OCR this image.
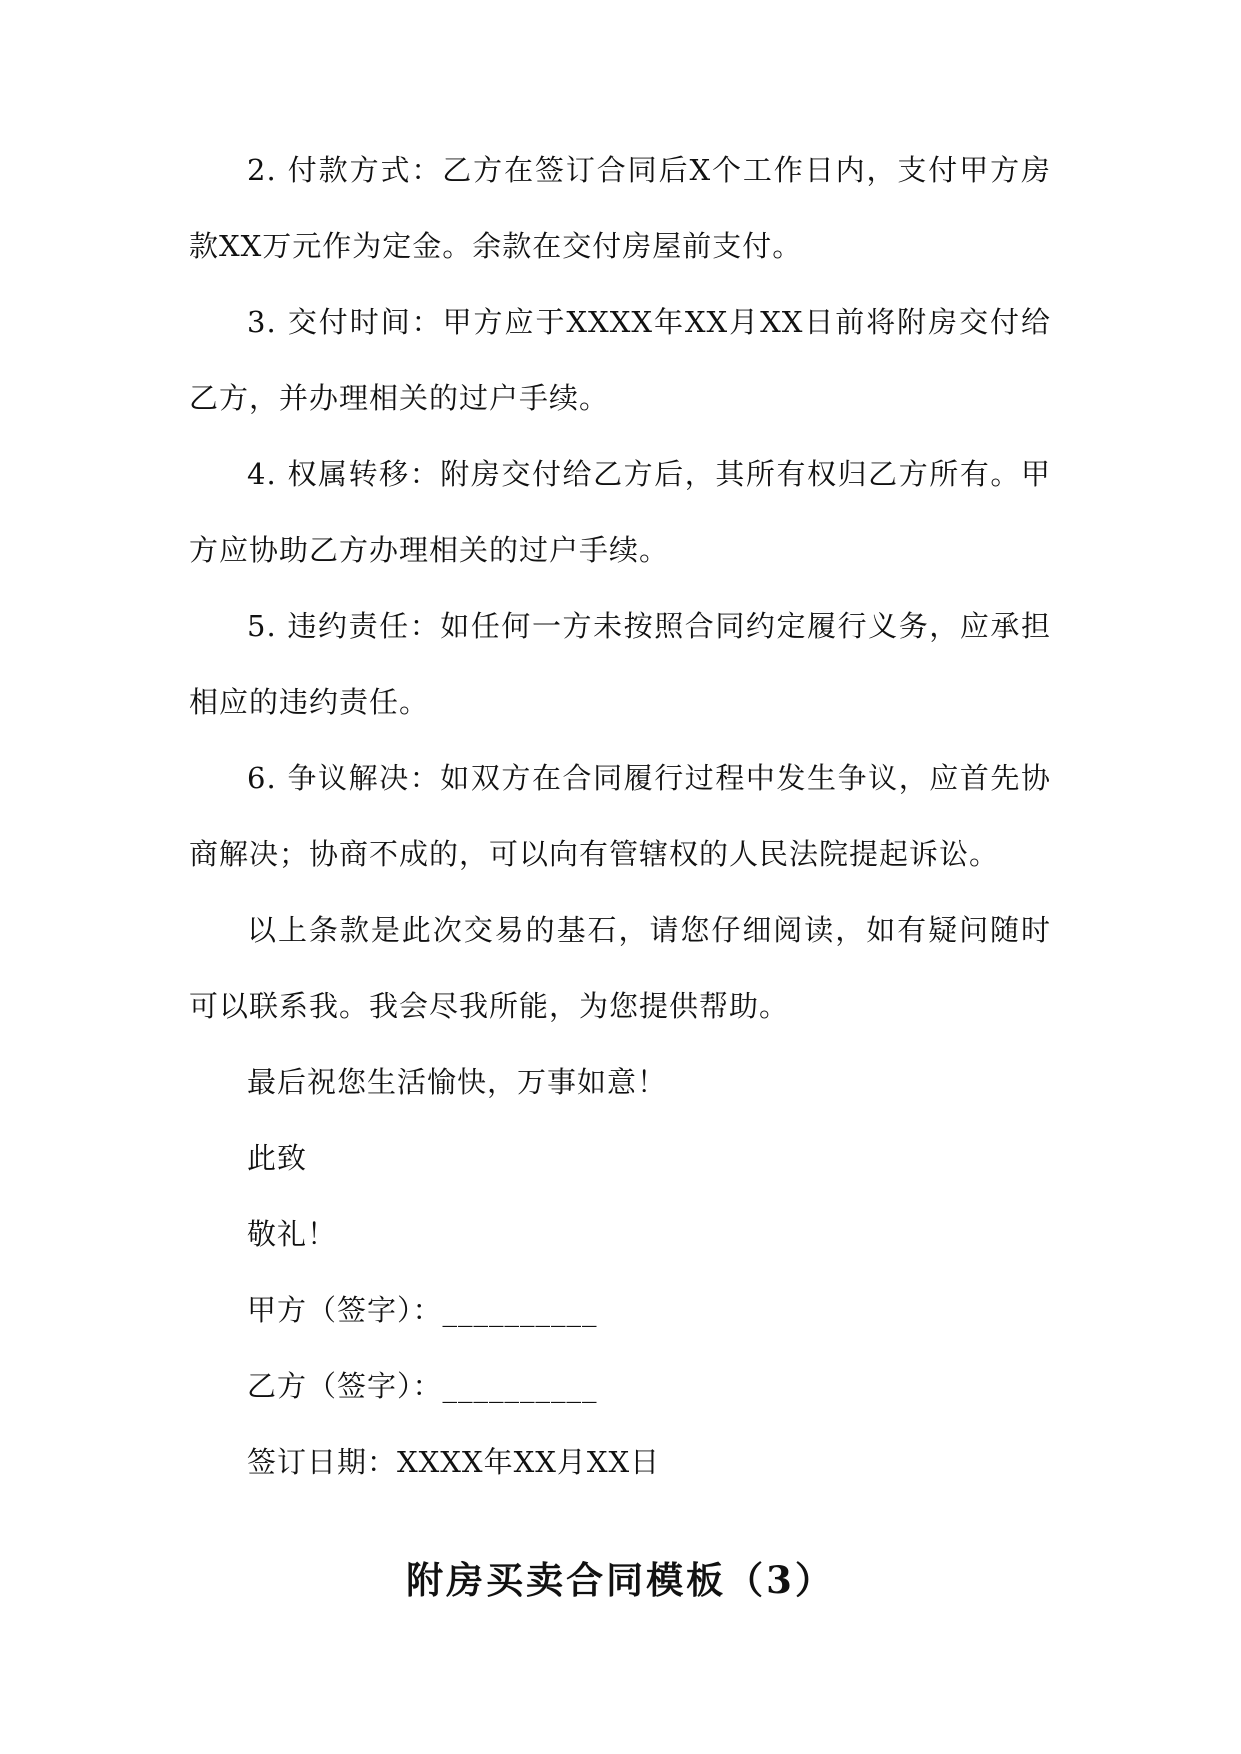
2. 付款方式：乙方在签订合同后X个工作日内，支付甲方房款XX万元作为定金。余款在交付房屋前支付。

3. 交付时间：甲方应于XXXX年XX月XX日前将附房交付给乙方，并办理相关的过户手续。

4. 权属转移：附房交付给乙方后，其所有权归乙方所有。甲方应协助乙方办理相关的过户手续。

5. 违约责任：如任何一方未按照合同约定履行义务，应承担相应的违约责任。

6. 争议解决：如双方在合同履行过程中发生争议，应首先协商解决；协商不成的，可以向有管辖权的人民法院提起诉讼。

以上条款是此次交易的基石，请您仔细阅读，如有疑问随时可以联系我。我会尽我所能，为您提供帮助。

最后祝您生活愉快，万事如意！

此致

敬礼！

甲方（签字）：__________

乙方（签字）：__________

签订日期：XXXX年XX月XX日

附房买卖合同模板（3）
